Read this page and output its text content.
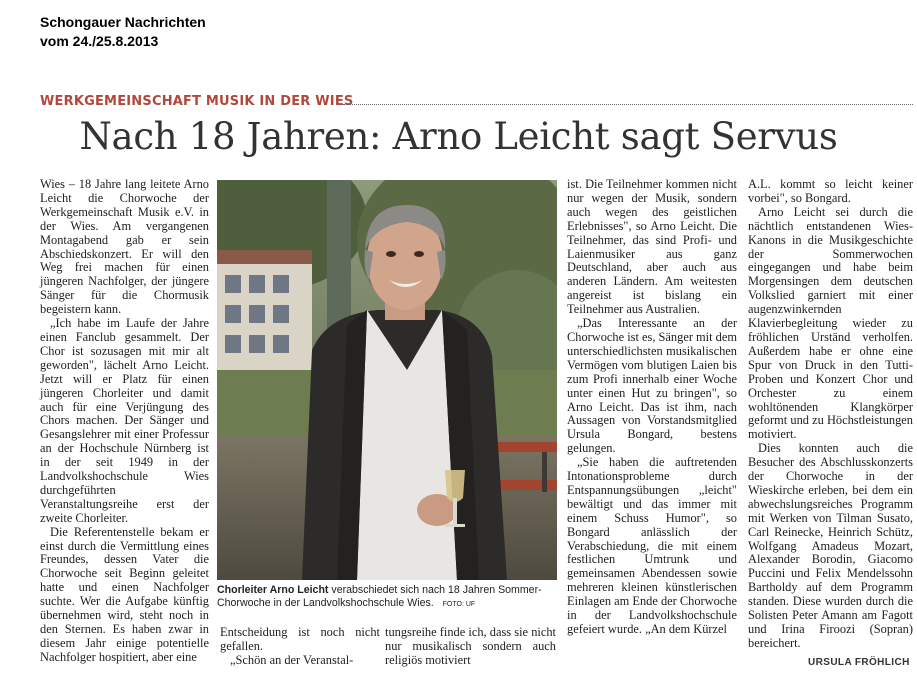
Schongauer Nachrichten
vom 24./25.8.2013
WERKGEMEINSCHAFT MUSIK IN DER WIES
Nach 18 Jahren: Arno Leicht sagt Servus

Wies – 18 Jahre lang leitete Arno Leicht die Chorwoche der Werkgemeinschaft Musik e.V. in der Wies. Am vergangenen Montagabend gab er sein Abschiedskonzert. Er will den Weg frei machen für einen jüngeren Nachfolger, der jüngere Sänger für die Chormusik begeistern kann.

„Ich habe im Laufe der Jahre einen Fanclub gesammelt. Der Chor ist sozusagen mit mir alt geworden", lächelt Arno Leicht. Jetzt will er Platz für einen jüngeren Chorleiter und damit auch für eine Verjüngung des Chors machen. Der Sänger und Gesangslehrer mit einer Professur an der Hochschule Nürnberg ist in der seit 1949 in der Landvolkshochschule Wies durchgeführten Veranstaltungsreihe erst der zweite Chorleiter.

Die Referentenstelle bekam er einst durch die Vermittlung eines Freundes, dessen Vater die Chorwoche seit Beginn geleitet hatte und einen Nachfolger suchte. Wer die Aufgabe künftig übernehmen wird, steht noch in den Sternen. Es haben zwar in diesem Jahr einige potentielle Nachfolger hospitiert, aber eine

Chorleiter Arno Leicht verabschiedet sich nach 18 Jahren Sommer-Chorwoche in der Landvolkshochschule Wies. FOTO: UF

Entscheidung ist noch nicht gefallen.

„Schön an der Veranstal-

tungsreihe finde ich, dass sie nicht nur musikalisch sondern auch religiös motiviert

ist. Die Teilnehmer kommen nicht nur wegen der Musik, sondern auch wegen des geistlichen Erlebnisses", so Arno Leicht. Die Teilnehmer, das sind Profi- und Laienmusiker aus ganz Deutschland, aber auch aus anderen Ländern. Am weitesten angereist ist bislang ein Teilnehmer aus Australien.

„Das Interessante an der Chorwoche ist es, Sänger mit dem unterschiedlichsten musikalischen Vermögen vom blutigen Laien bis zum Profi innerhalb einer Woche unter einen Hut zu bringen", so Arno Leicht. Das ist ihm, nach Aussagen von Vorstandsmitglied Ursula Bongard, bestens gelungen.

„Sie haben die auftretenden Intonationsprobleme durch Entspannungsübungen „leicht" bewältigt und das immer mit einem Schuss Humor", so Bongard anlässlich der Verabschiedung, die mit einem festlichen Umtrunk und gemeinsamen Abendessen sowie mehreren kleinen künstlerischen Einlagen am Ende der Chorwoche in der Landvolkshochschule gefeiert wurde. „An dem Kürzel

A.L. kommt so leicht keiner vorbei", so Bongard.

Arno Leicht sei durch die nächtlich entstandenen Wies-Kanons in die Musikgeschichte der Sommerwochen eingegangen und habe beim Morgensingen dem deutschen Volkslied garniert mit einer augenzwinkernden Klavierbegleitung wieder zu fröhlichen Urständ verholfen. Außerdem habe er ohne eine Spur von Druck in den Tutti-Proben und Konzert Chor und Orchester zu einem wohltönenden Klangkörper geformt und zu Höchstleistungen motiviert.

Dies konnten auch die Besucher des Abschlusskonzerts der Chorwoche in der Wieskirche erleben, bei dem ein abwechslungsreiches Programm mit Werken von Tilman Susato, Carl Reinecke, Heinrich Schütz, Wolfgang Amadeus Mozart, Alexander Borodin, Giacomo Puccini und Felix Mendelssohn Bartholdy auf dem Programm standen. Diese wurden durch die Solisten Peter Amann am Fagott und Irina Firoozi (Sopran) bereichert.

URSULA FRÖHLICH
